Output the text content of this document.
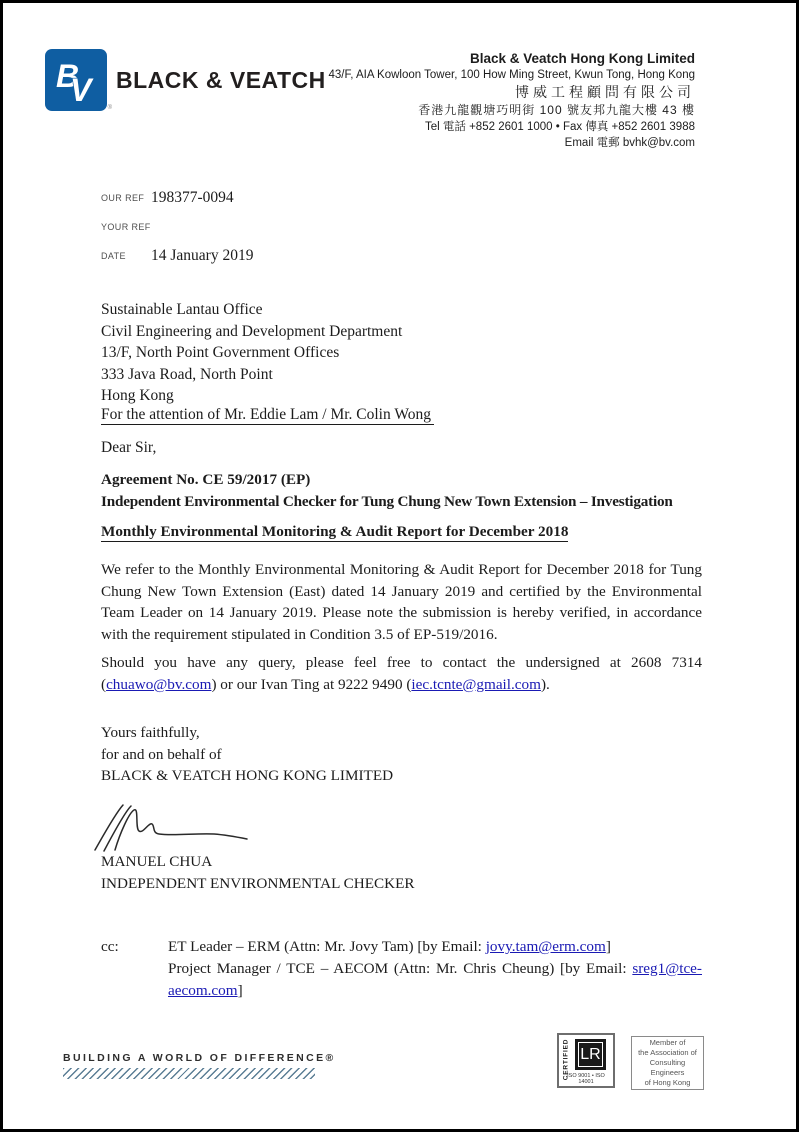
B
V	®
BLACK & VEATCH
Black & Veatch Hong Kong Limited
43/F, AIA Kowloon Tower, 100 How Ming Street, Kwun Tong, Hong Kong
博威工程顧問有限公司
香港九龍觀塘巧明街 100 號友邦九龍大樓 43 樓
Tel 電話 +852 2601 1000 • Fax 傳真 +852 2601 3988
Email 電郵 bvhk@bv.com
OUR REF 198377-0094
YOUR REF
DATE	14 January 2019
Sustainable Lantau Office
Civil Engineering and Development Department
13/F, North Point Government Offices
333 Java Road, North Point
Hong Kong
For the attention of Mr. Eddie Lam / Mr. Colin Wong
Dear Sir,
Agreement No. CE 59/2017 (EP)
Independent Environmental Checker for Tung Chung New Town Extension – Investigation
Monthly Environmental Monitoring & Audit Report for December 2018
We refer to the Monthly Environmental Monitoring & Audit Report for December 2018 for Tung Chung New Town Extension (East) dated 14 January 2019 and certified by the Environmental Team Leader on 14 January 2019. Please note the submission is hereby verified, in accordance with the requirement stipulated in Condition 3.5 of EP-519/2016.
Should you have any query, please feel free to contact the undersigned at 2608 7314 (chuawo@bv.com) or our Ivan Ting at 9222 9490 (iec.tcnte@gmail.com).
Yours faithfully,
for and on behalf of
BLACK & VEATCH HONG KONG LIMITED
MANUEL CHUA
INDEPENDENT ENVIRONMENTAL CHECKER
cc:	ET Leader – ERM (Attn: Mr. Jovy Tam) [by Email: jovy.tam@erm.com]
Project Manager / TCE – AECOM (Attn: Mr. Chris Cheung) [by Email: sreg1@tce-aecom.com]
BUILDING A WORLD OF DIFFERENCE®	CERTIFIED LR
ISO 9001 • ISO 14001
Member of
the Association of
Consulting Engineers
of Hong Kong
